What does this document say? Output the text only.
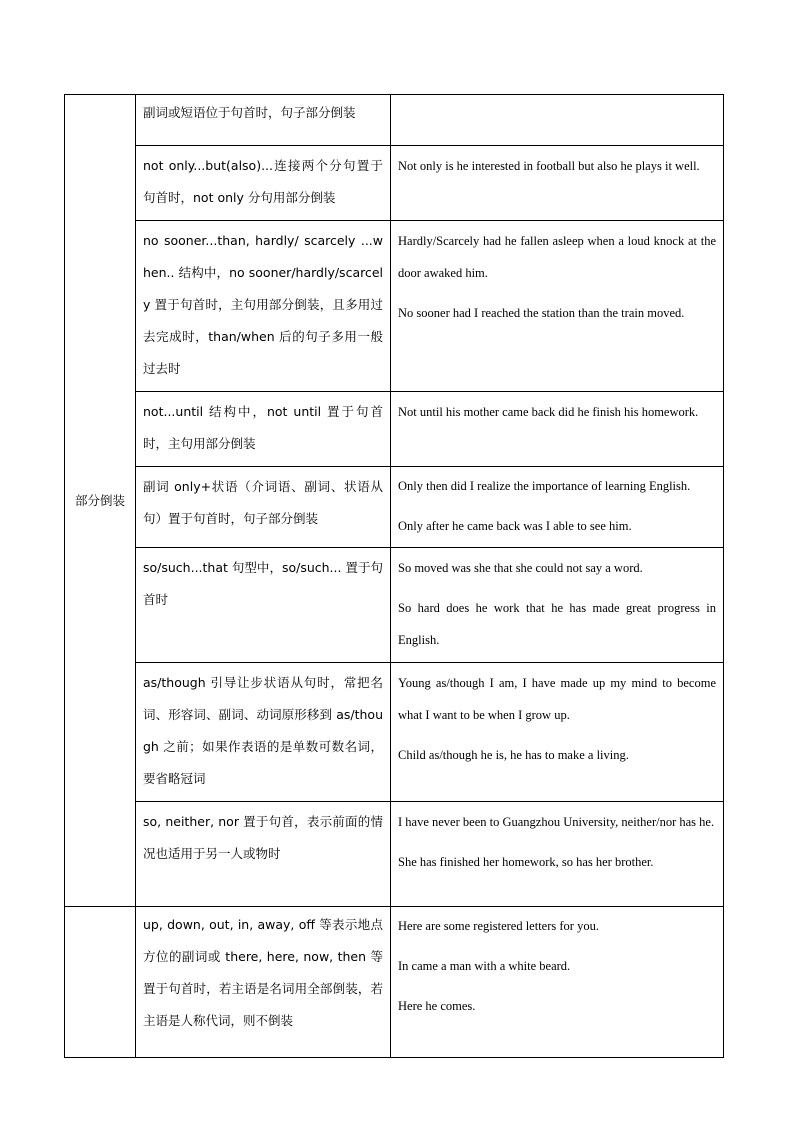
部分倒装	副词或短语位于句首时，句子部分倒装	
	not only...but(also)...连接两个分句置于句首时，not only 分句用部分倒装	Not only is he interested in football but also he plays it well.

	no sooner...than, hardly/ scarcely ...when.. 结构中，no sooner/hardly/scarcely 置于句首时，主句用部分倒装，且多用过去完成时，than/when 后的句子多用一般过去时	Hardly/Scarcely had he fallen asleep when a loud knock at the door awaked him.

No sooner had I reached the station than the train moved.

	not...until 结构中，not until 置于句首时，主句用部分倒装	Not until his mother came back did he finish his homework.

	副词 only+状语（介词语、副词、状语从句）置于句首时，句子部分倒装	Only then did I realize the importance of learning English.

Only after he came back was I able to see him.

	so/such...that 句型中，so/such... 置于句首时	So moved was she that she could not say a word.

So hard does he work that he has made great progress in English.

	as/though 引导让步状语从句时，常把名词、形容词、副词、动词原形移到 as/though 之前；如果作表语的是单数可数名词，要省略冠词	Young as/though I am, I have made up my mind to become what I want to be when I grow up.

Child as/though he is, he has to make a living.

	so, neither, nor 置于句首，表示前面的情况也适用于另一人或物时	I have never been to Guangzhou University, neither/nor has he.

She has finished her homework, so has her brother.

	up, down, out, in, away, off 等表示地点方位的副词或 there, here, now, then 等置于句首时，若主语是名词用全部倒装，若主语是人称代词，则不倒装	Here are some registered letters for you.

In came a man with a white beard.

Here he comes.
